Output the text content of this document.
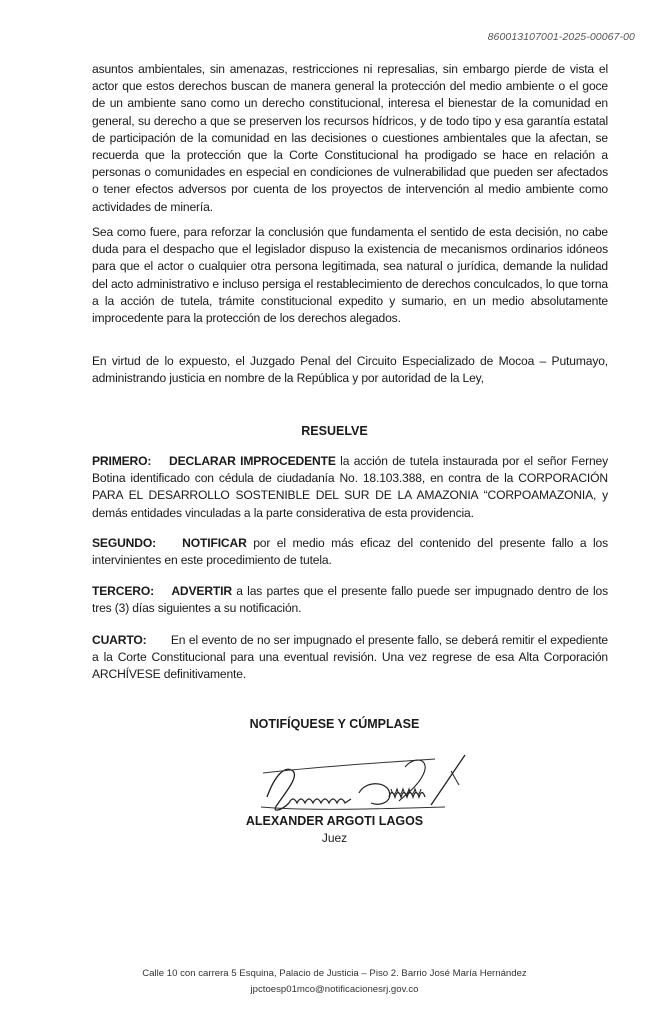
860013107001-2025-00067-00

asuntos ambientales, sin amenazas, restricciones ni represalias, sin embargo pierde de vista el actor que estos derechos buscan de manera general la protección del medio ambiente o el goce de un ambiente sano como un derecho constitucional, interesa el bienestar de la comunidad en general, su derecho a que se preserven los recursos hídricos, y de todo tipo y esa garantía estatal de participación de la comunidad en las decisiones o cuestiones ambientales que la afectan, se recuerda que la protección que la Corte Constitucional ha prodigado se hace en relación a personas o comunidades en especial en condiciones de vulnerabilidad que pueden ser afectados o tener efectos adversos por cuenta de los proyectos de intervención al medio ambiente como actividades de minería.

Sea como fuere, para reforzar la conclusión que fundamenta el sentido de esta decisión, no cabe duda para el despacho que el legislador dispuso la existencia de mecanismos ordinarios idóneos para que el actor o cualquier otra persona legitimada, sea natural o jurídica, demande la nulidad del acto administrativo e incluso persiga el restablecimiento de derechos conculcados, lo que torna a la acción de tutela, trámite constitucional expedito y sumario, en un medio absolutamente improcedente para la protección de los derechos alegados.

En virtud de lo expuesto, el Juzgado Penal del Circuito Especializado de Mocoa – Putumayo, administrando justicia en nombre de la República y por autoridad de la Ley,

RESUELVE

PRIMERO: DECLARAR IMPROCEDENTE la acción de tutela instaurada por el señor Ferney Botina identificado con cédula de ciudadanía No. 18.103.388, en contra de la CORPORACIÓN PARA EL DESARROLLO SOSTENIBLE DEL SUR DE LA AMAZONIA “CORPOAMAZONIA, y demás entidades vinculadas a la parte considerativa de esta providencia.

SEGUNDO: NOTIFICAR por el medio más eficaz del contenido del presente fallo a los intervinientes en este procedimiento de tutela.

TERCERO: ADVERTIR a las partes que el presente fallo puede ser impugnado dentro de los tres (3) días siguientes a su notificación.

CUARTO: En el evento de no ser impugnado el presente fallo, se deberá remitir el expediente a la Corte Constitucional para una eventual revisión. Una vez regrese de esa Alta Corporación ARCHÍVESE definitivamente.

NOTIFÍQUESE Y CÚMPLASE

ALEXANDER ARGOTI LAGOS

Juez

Calle 10 con carrera 5 Esquina, Palacio de Justicia – Piso 2. Barrio José María Hernández

jpctoesp01mco@notificacionesrj.gov.co
